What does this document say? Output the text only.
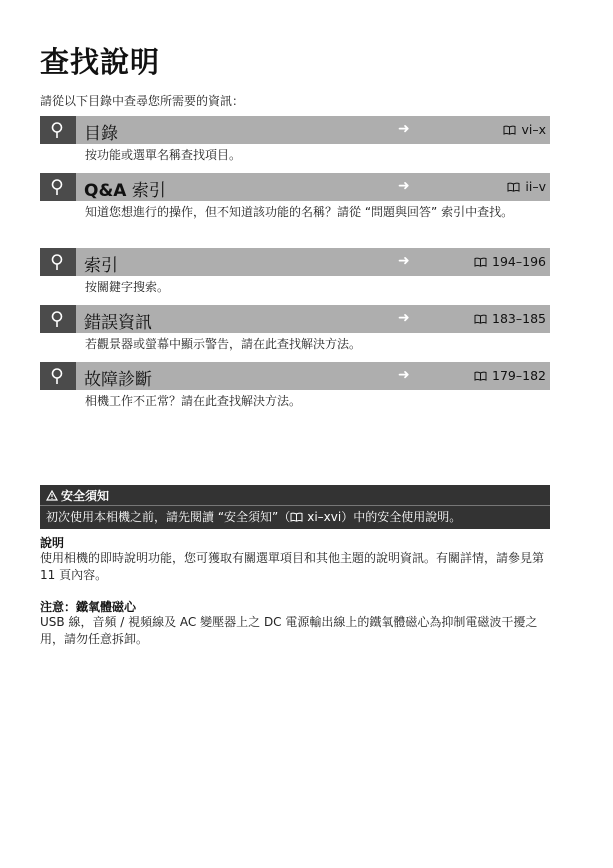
查找說明
請從以下目錄中查尋您所需要的資訊：
目錄	➜	vi–x
按功能或選單名稱查找項目。
Q&A 索引	➜	ii–v
知道您想進行的操作，但不知道該功能的名稱？請從 “問題與回答” 索引中查找。
索引	➜	194–196
按關鍵字搜索。
錯誤資訊	➜	183–185
若觀景器或螢幕中顯示警告，請在此查找解決方法。
故障診斷	➜	179–182
相機工作不正常？請在此查找解決方法。
安全須知
初次使用本相機之前，請先閱讀 “安全須知”（ xi–xvi）中的安全使用說明。
說明
使用相機的即時說明功能，您可獲取有關選單項目和其他主題的說明資訊。有關詳情，請參見第 11 頁內容。
注意：鐵氧體磁心
USB 線，音頻 / 視頻線及 AC 變壓器上之 DC 電源輸出線上的鐵氧體磁心為抑制電磁波干擾之用，請勿任意拆卸。
